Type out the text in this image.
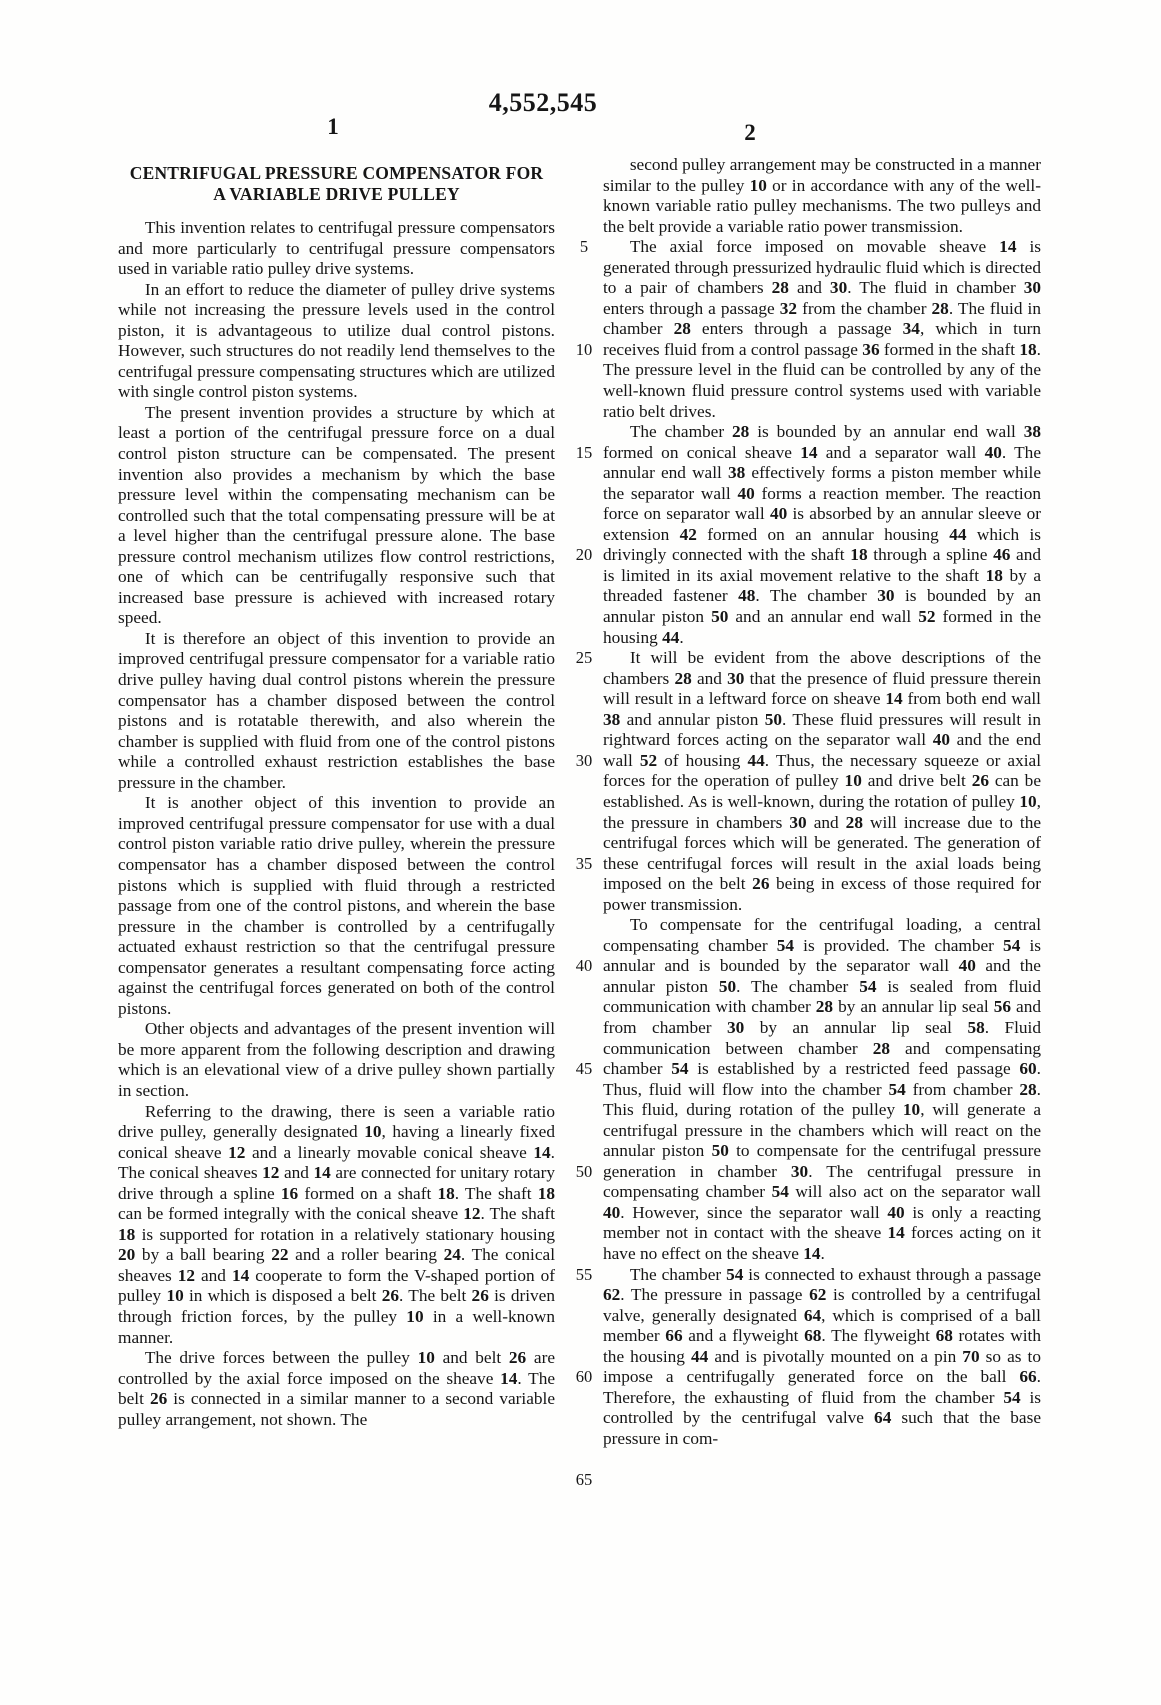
4,552,545
1	2
CENTRIFUGAL PRESSURE COMPENSATOR FOR
A VARIABLE DRIVE PULLEY

This invention relates to centrifugal pressure compensators and more particularly to centrifugal pressure compensators used in variable ratio pulley drive systems.

In an effort to reduce the diameter of pulley drive systems while not increasing the pressure levels used in the control piston, it is advantageous to utilize dual control pistons. However, such structures do not readily lend themselves to the centrifugal pressure compensating structures which are utilized with single control piston systems.

The present invention provides a structure by which at least a portion of the centrifugal pressure force on a dual control piston structure can be compensated. The present invention also provides a mechanism by which the base pressure level within the compensating mechanism can be controlled such that the total compensating pressure will be at a level higher than the centrifugal pressure alone. The base pressure control mechanism utilizes flow control restrictions, one of which can be centrifugally responsive such that increased base pressure is achieved with increased rotary speed.

It is therefore an object of this invention to provide an improved centrifugal pressure compensator for a variable ratio drive pulley having dual control pistons wherein the pressure compensator has a chamber disposed between the control pistons and is rotatable therewith, and also wherein the chamber is supplied with fluid from one of the control pistons while a controlled exhaust restriction establishes the base pressure in the chamber.

It is another object of this invention to provide an improved centrifugal pressure compensator for use with a dual control piston variable ratio drive pulley, wherein the pressure compensator has a chamber disposed between the control pistons which is supplied with fluid through a restricted passage from one of the control pistons, and wherein the base pressure in the chamber is controlled by a centrifugally actuated exhaust restriction so that the centrifugal pressure compensator generates a resultant compensating force acting against the centrifugal forces generated on both of the control pistons.

Other objects and advantages of the present invention will be more apparent from the following description and drawing which is an elevational view of a drive pulley shown partially in section.

Referring to the drawing, there is seen a variable ratio drive pulley, generally designated 10, having a linearly fixed conical sheave 12 and a linearly movable conical sheave 14. The conical sheaves 12 and 14 are connected for unitary rotary drive through a spline 16 formed on a shaft 18. The shaft 18 can be formed integrally with the conical sheave 12. The shaft 18 is supported for rotation in a relatively stationary housing 20 by a ball bearing 22 and a roller bearing 24. The conical sheaves 12 and 14 cooperate to form the V-shaped portion of pulley 10 in which is disposed a belt 26. The belt 26 is driven through friction forces, by the pulley 10 in a well-known manner.

The drive forces between the pulley 10 and belt 26 are controlled by the axial force imposed on the sheave 14. The belt 26 is connected in a similar manner to a second variable pulley arrangement, not shown. The

5
10
15
20
25
30
35
40
45
50
55
60
65

second pulley arrangement may be constructed in a manner similar to the pulley 10 or in accordance with any of the well-known variable ratio pulley mechanisms. The two pulleys and the belt provide a variable ratio power transmission.

The axial force imposed on movable sheave 14 is generated through pressurized hydraulic fluid which is directed to a pair of chambers 28 and 30. The fluid in chamber 30 enters through a passage 32 from the chamber 28. The fluid in chamber 28 enters through a passage 34, which in turn receives fluid from a control passage 36 formed in the shaft 18. The pressure level in the fluid can be controlled by any of the well-known fluid pressure control systems used with variable ratio belt drives.

The chamber 28 is bounded by an annular end wall 38 formed on conical sheave 14 and a separator wall 40. The annular end wall 38 effectively forms a piston member while the separator wall 40 forms a reaction member. The reaction force on separator wall 40 is absorbed by an annular sleeve or extension 42 formed on an annular housing 44 which is drivingly connected with the shaft 18 through a spline 46 and is limited in its axial movement relative to the shaft 18 by a threaded fastener 48. The chamber 30 is bounded by an annular piston 50 and an annular end wall 52 formed in the housing 44.

It will be evident from the above descriptions of the chambers 28 and 30 that the presence of fluid pressure therein will result in a leftward force on sheave 14 from both end wall 38 and annular piston 50. These fluid pressures will result in rightward forces acting on the separator wall 40 and the end wall 52 of housing 44. Thus, the necessary squeeze or axial forces for the operation of pulley 10 and drive belt 26 can be established. As is well-known, during the rotation of pulley 10, the pressure in chambers 30 and 28 will increase due to the centrifugal forces which will be generated. The generation of these centrifugal forces will result in the axial loads being imposed on the belt 26 being in excess of those required for power transmission.

To compensate for the centrifugal loading, a central compensating chamber 54 is provided. The chamber 54 is annular and is bounded by the separator wall 40 and the annular piston 50. The chamber 54 is sealed from fluid communication with chamber 28 by an annular lip seal 56 and from chamber 30 by an annular lip seal 58. Fluid communication between chamber 28 and compensating chamber 54 is established by a restricted feed passage 60. Thus, fluid will flow into the chamber 54 from chamber 28. This fluid, during rotation of the pulley 10, will generate a centrifugal pressure in the chambers which will react on the annular piston 50 to compensate for the centrifugal pressure generation in chamber 30. The centrifugal pressure in compensating chamber 54 will also act on the separator wall 40. However, since the separator wall 40 is only a reacting member not in contact with the sheave 14 forces acting on it have no effect on the sheave 14.

The chamber 54 is connected to exhaust through a passage 62. The pressure in passage 62 is controlled by a centrifugal valve, generally designated 64, which is comprised of a ball member 66 and a flyweight 68. The flyweight 68 rotates with the housing 44 and is pivotally mounted on a pin 70 so as to impose a centrifugally generated force on the ball 66. Therefore, the exhausting of fluid from the chamber 54 is controlled by the centrifugal valve 64 such that the base pressure in com-
